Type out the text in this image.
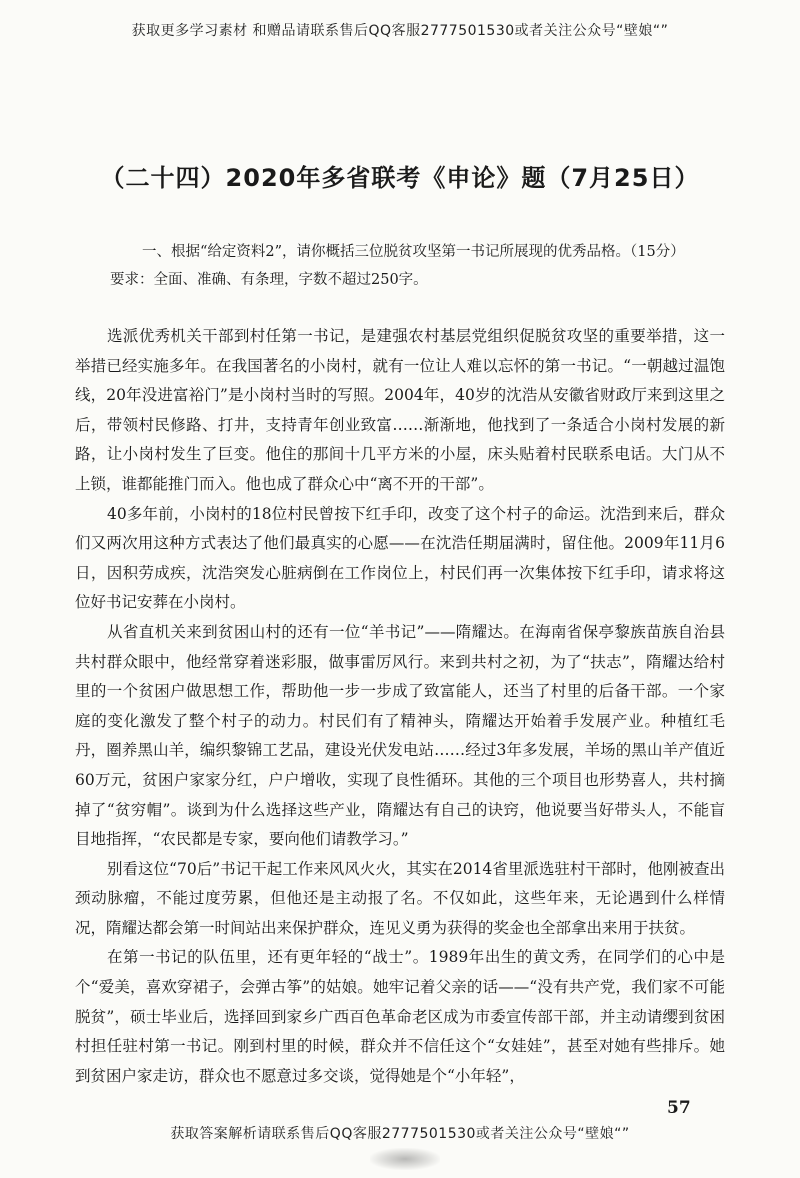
获取更多学习素材 和赠品请联系售后QQ客服2777501530或者关注公众号“壁娘“”
（二十四）2020年多省联考《申论》题（7月25日）

一、根据“给定资料2”，请你概括三位脱贫攻坚第一书记所展现的优秀品格。（15分）

要求：全面、准确、有条理，字数不超过250字。

选派优秀机关干部到村任第一书记，是建强农村基层党组织促脱贫攻坚的重要举措，这一举措已经实施多年。在我国著名的小岗村，就有一位让人难以忘怀的第一书记。“一朝越过温饱线，20年没进富裕门”是小岗村当时的写照。2004年，40岁的沈浩从安徽省财政厅来到这里之后，带领村民修路、打井，支持青年创业致富……渐渐地，他找到了一条适合小岗村发展的新路，让小岗村发生了巨变。他住的那间十几平方米的小屋，床头贴着村民联系电话。大门从不上锁，谁都能推门而入。他也成了群众心中“离不开的干部”。

40多年前，小岗村的18位村民曾按下红手印，改变了这个村子的命运。沈浩到来后，群众们又两次用这种方式表达了他们最真实的心愿——在沈浩任期届满时，留住他。2009年11月6日，因积劳成疾，沈浩突发心脏病倒在工作岗位上，村民们再一次集体按下红手印，请求将这位好书记安葬在小岗村。

从省直机关来到贫困山村的还有一位“羊书记”——隋耀达。在海南省保亭黎族苗族自治县共村群众眼中，他经常穿着迷彩服，做事雷厉风行。来到共村之初，为了“扶志”，隋耀达给村里的一个贫困户做思想工作，帮助他一步一步成了致富能人，还当了村里的后备干部。一个家庭的变化激发了整个村子的动力。村民们有了精神头，隋耀达开始着手发展产业。种植红毛丹，圈养黑山羊，编织黎锦工艺品，建设光伏发电站……经过3年多发展，羊场的黑山羊产值近60万元，贫困户家家分红，户户增收，实现了良性循环。其他的三个项目也形势喜人，共村摘掉了“贫穷帽”。谈到为什么选择这些产业，隋耀达有自己的诀窍，他说要当好带头人，不能盲目地指挥，“农民都是专家，要向他们请教学习。”

别看这位“70后”书记干起工作来风风火火，其实在2014省里派选驻村干部时，他刚被查出颈动脉瘤，不能过度劳累，但他还是主动报了名。不仅如此，这些年来，无论遇到什么样情况，隋耀达都会第一时间站出来保护群众，连见义勇为获得的奖金也全部拿出来用于扶贫。

在第一书记的队伍里，还有更年轻的“战士”。1989年出生的黄文秀，在同学们的心中是个“爱美，喜欢穿裙子，会弹古筝”的姑娘。她牢记着父亲的话——“没有共产党，我们家不可能脱贫”，硕士毕业后，选择回到家乡广西百色革命老区成为市委宣传部干部，并主动请缨到贫困村担任驻村第一书记。刚到村里的时候，群众并不信任这个“女娃娃”，甚至对她有些排斥。她到贫困户家走访，群众也不愿意过多交谈，觉得她是个“小年轻”，

57
获取答案解析请联系售后QQ客服2777501530或者关注公众号“壁娘“”
